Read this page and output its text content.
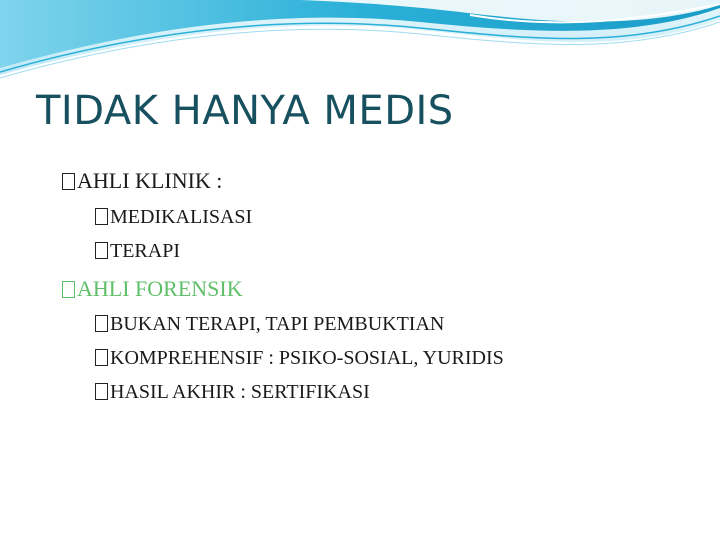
TIDAK HANYA MEDIS
AHLI KLINIK :
MEDIKALISASI
TERAPI
AHLI FORENSIK
BUKAN TERAPI, TAPI PEMBUKTIAN
KOMPREHENSIF : PSIKO-SOSIAL, YURIDIS
HASIL AKHIR : SERTIFIKASI
